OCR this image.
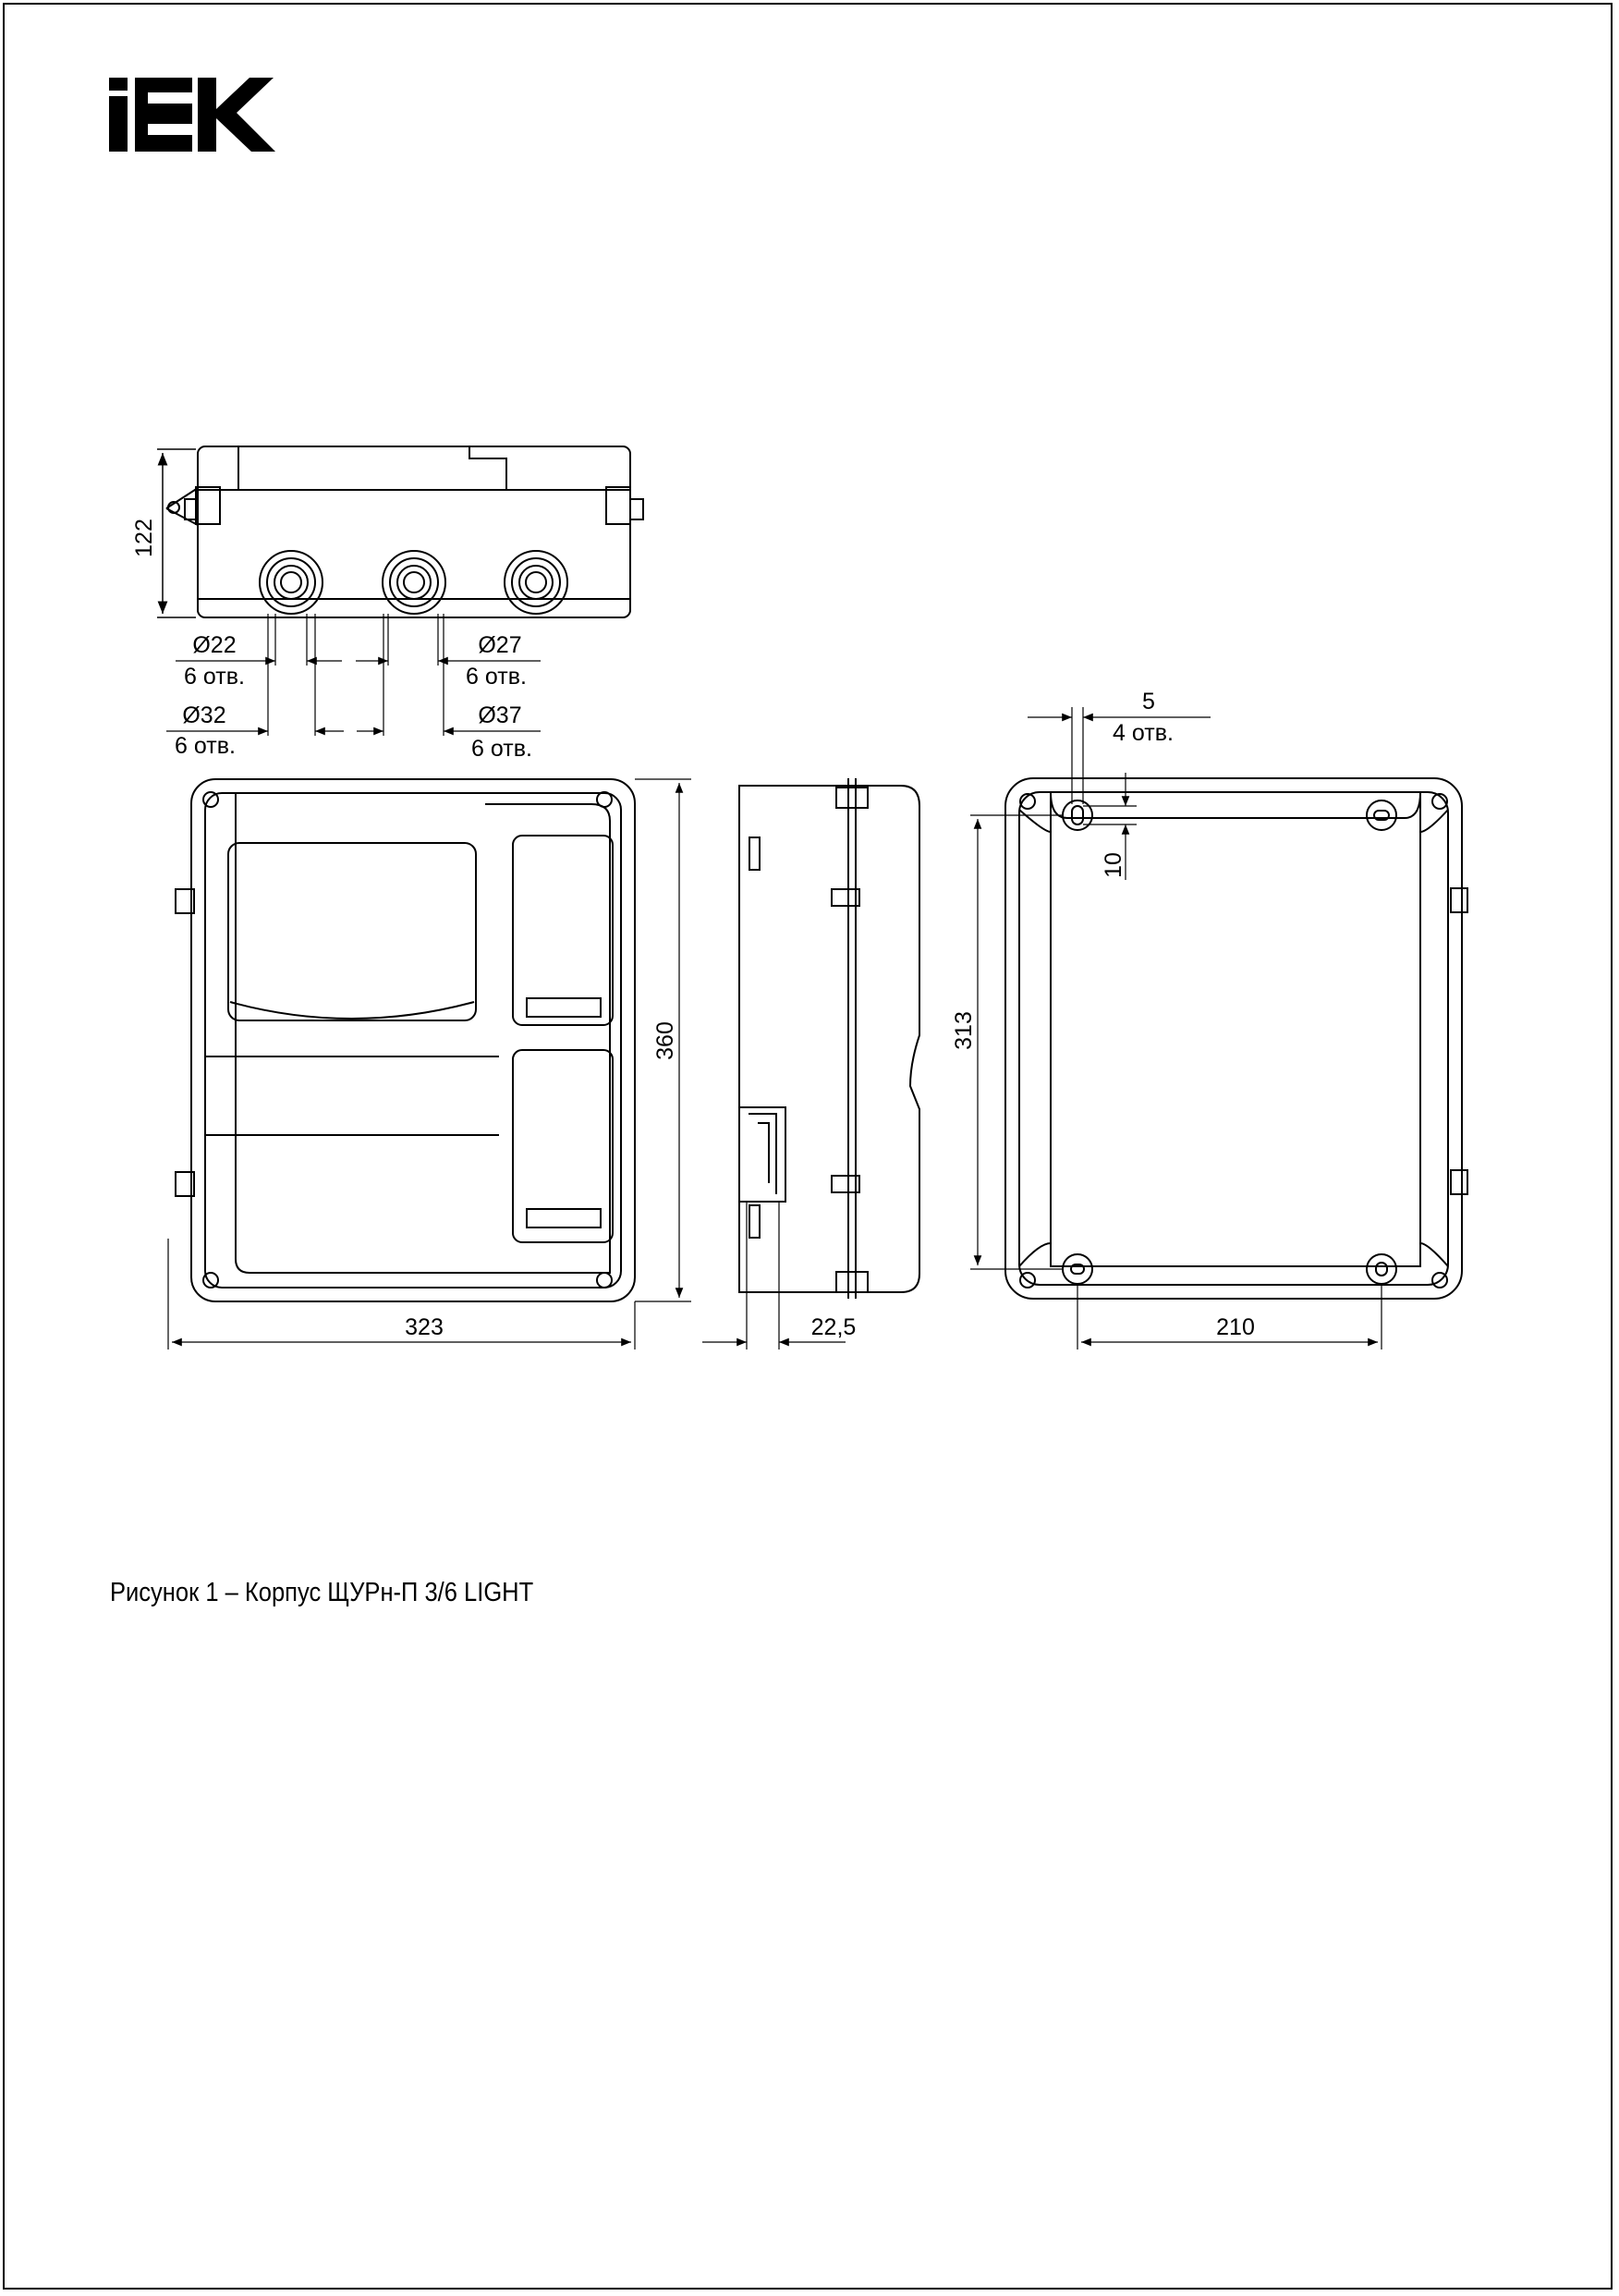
122
Ø22
6 отв.
Ø27
6 отв.
Ø32
6 отв.
Ø37
6 отв.
360
323	22,5
5
4 отв.
10
313
210
Рисунок 1 – Корпус ЩУРн-П 3/6 LIGHT
